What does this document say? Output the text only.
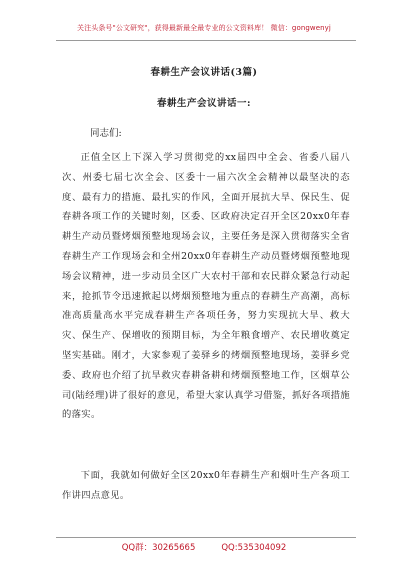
关注头条号"公文研究"，获得最新最全最专业的公文资料库！ 微信：gongwenyj
春耕生产会议讲话(3篇)
春耕生产会议讲话一:
同志们:
正值全区上下深入学习贯彻党的xx届四中全会、省委八届八次、州委七届七次全会、区委十一届六次全会精神以最坚决的态度、最有力的措施、最扎实的作风，全面开展抗大旱、保民生、促春耕各项工作的关键时刻，区委、区政府决定召开全区20xx0年春耕生产动员暨烤烟预整地现场会议，主要任务是深入贯彻落实全省春耕生产工作现场会和全州20xx0年春耕生产动员暨烤烟预整地现场会议精神，进一步动员全区广大农村干部和农民群众紧急行动起来，抢抓节令迅速掀起以烤烟预整地为重点的春耕生产高潮，高标准高质量高水平完成春耕生产各项任务，努力实现抗大旱、救大灾、保生产、保增收的预期目标，为全年粮食增产、农民增收奠定坚实基础。刚才，大家参观了姜驿乡的烤烟预整地现场，姜驿乡党委、政府也介绍了抗旱救灾春耕备耕和烤烟预整地工作，区烟草公司(陆经理)讲了很好的意见，希望大家认真学习借鉴，抓好各项措施的落实。
下面，我就如何做好全区20xx0年春耕生产和烟叶生产各项工作讲四点意见。
QQ群：30265665	QQ:535304092
